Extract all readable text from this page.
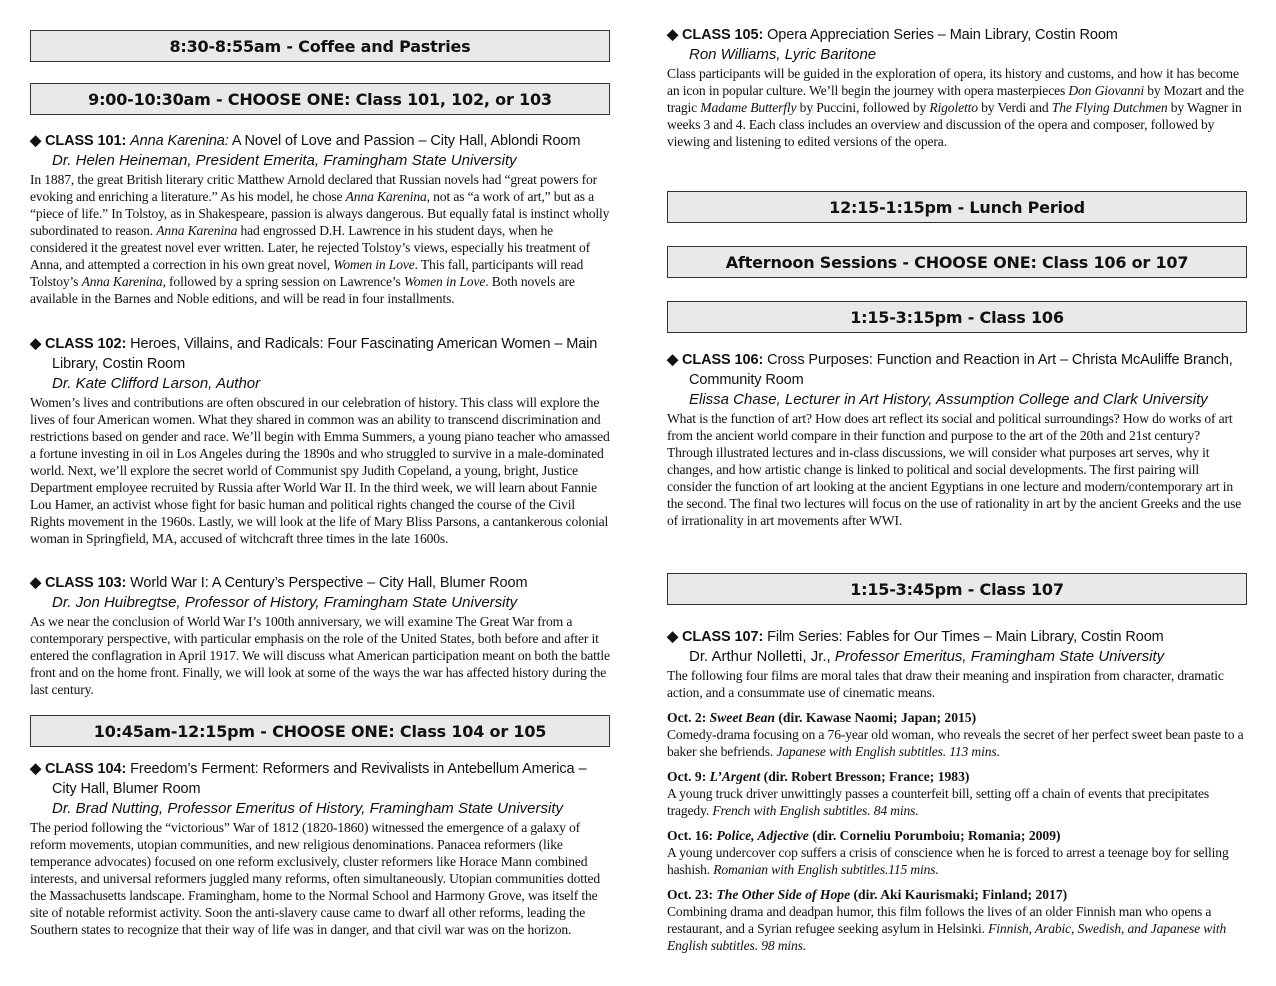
8:30-8:55am - Coffee and Pastries
9:00-10:30am - CHOOSE ONE: Class 101, 102, or 103
◆ CLASS 101: Anna Karenina: A Novel of Love and Passion – City Hall, Ablondi Room
Dr. Helen Heineman, President Emerita, Framingham State University
In 1887, the great British literary critic Matthew Arnold declared that Russian novels had “great powers for evoking and enriching a literature.” As his model, he chose Anna Karenina, not as “a work of art,” but as a “piece of life.” In Tolstoy, as in Shakespeare, passion is always dangerous. But equally fatal is instinct wholly subordinated to reason. Anna Karenina had engrossed D.H. Lawrence in his student days, when he considered it the greatest novel ever written. Later, he rejected Tolstoy’s views, especially his treatment of Anna, and attempted a correction in his own great novel, Women in Love. This fall, participants will read Tolstoy’s Anna Karenina, followed by a spring session on Lawrence’s Women in Love. Both novels are available in the Barnes and Noble editions, and will be read in four installments.
◆ CLASS 102: Heroes, Villains, and Radicals: Four Fascinating American Women – Main Library, Costin Room
Dr. Kate Clifford Larson, Author
Women’s lives and contributions are often obscured in our celebration of history. This class will explore the lives of four American women. What they shared in common was an ability to transcend discrimination and restrictions based on gender and race. We’ll begin with Emma Summers, a young piano teacher who amassed a fortune investing in oil in Los Angeles during the 1890s and who struggled to survive in a male-dominated world. Next, we’ll explore the secret world of Communist spy Judith Copeland, a young, bright, Justice Department employee recruited by Russia after World War II. In the third week, we will learn about Fannie Lou Hamer, an activist whose fight for basic human and political rights changed the course of the Civil Rights movement in the 1960s. Lastly, we will look at the life of Mary Bliss Parsons, a cantankerous colonial woman in Springfield, MA, accused of witchcraft three times in the late 1600s.
◆ CLASS 103: World War I: A Century’s Perspective – City Hall, Blumer Room
Dr. Jon Huibregtse, Professor of History, Framingham State University
As we near the conclusion of World War I’s 100th anniversary, we will examine The Great War from a contemporary perspective, with particular emphasis on the role of the United States, both before and after it entered the conflagration in April 1917. We will discuss what American participation meant on both the battle front and on the home front. Finally, we will look at some of the ways the war has affected history during the last century.
10:45am-12:15pm - CHOOSE ONE: Class 104 or 105
◆ CLASS 104: Freedom’s Ferment: Reformers and Revivalists in Antebellum America – City Hall, Blumer Room
Dr. Brad Nutting, Professor Emeritus of History, Framingham State University
The period following the “victorious” War of 1812 (1820-1860) witnessed the emergence of a galaxy of reform movements, utopian communities, and new religious denominations. Panacea reformers (like temperance advocates) focused on one reform exclusively, cluster reformers like Horace Mann combined interests, and universal reformers juggled many reforms, often simultaneously. Utopian communities dotted the Massachusetts landscape. Framingham, home to the Normal School and Harmony Grove, was itself the site of notable reformist activity. Soon the anti-slavery cause came to dwarf all other reforms, leading the Southern states to recognize that their way of life was in danger, and that civil war was on the horizon.
◆ CLASS 105: Opera Appreciation Series – Main Library, Costin Room
Ron Williams, Lyric Baritone
Class participants will be guided in the exploration of opera, its history and customs, and how it has become an icon in popular culture. We’ll begin the journey with opera masterpieces Don Giovanni by Mozart and the tragic Madame Butterfly by Puccini, followed by Rigoletto by Verdi and The Flying Dutchmen by Wagner in weeks 3 and 4. Each class includes an overview and discussion of the opera and composer, followed by viewing and listening to edited versions of the opera.
12:15-1:15pm - Lunch Period
Afternoon Sessions - CHOOSE ONE: Class 106 or 107
1:15-3:15pm - Class 106
◆ CLASS 106: Cross Purposes: Function and Reaction in Art – Christa McAuliffe Branch, Community Room
Elissa Chase, Lecturer in Art History, Assumption College and Clark University
What is the function of art? How does art reflect its social and political surroundings? How do works of art from the ancient world compare in their function and purpose to the art of the 20th and 21st century? Through illustrated lectures and in-class discussions, we will consider what purposes art serves, why it changes, and how artistic change is linked to political and social developments. The first pairing will consider the function of art looking at the ancient Egyptians in one lecture and modern/contemporary art in the second. The final two lectures will focus on the use of rationality in art by the ancient Greeks and the use of irrationality in art movements after WWI.
1:15-3:45pm - Class 107
◆ CLASS 107: Film Series: Fables for Our Times – Main Library, Costin Room
Dr. Arthur Nolletti, Jr., Professor Emeritus, Framingham State University
The following four films are moral tales that draw their meaning and inspiration from character, dramatic action, and a consummate use of cinematic means.
Oct. 2: Sweet Bean (dir. Kawase Naomi; Japan; 2015)
Comedy-drama focusing on a 76-year old woman, who reveals the secret of her perfect sweet bean paste to a baker she befriends. Japanese with English subtitles. 113 mins.
Oct. 9: L’Argent (dir. Robert Bresson; France; 1983)
A young truck driver unwittingly passes a counterfeit bill, setting off a chain of events that precipitates tragedy. French with English subtitles. 84 mins.
Oct. 16: Police, Adjective (dir. Corneliu Porumboiu; Romania; 2009)
A young undercover cop suffers a crisis of conscience when he is forced to arrest a teenage boy for selling hashish. Romanian with English subtitles.115 mins.
Oct. 23: The Other Side of Hope (dir. Aki Kaurismaki; Finland; 2017)
Combining drama and deadpan humor, this film follows the lives of an older Finnish man who opens a restaurant, and a Syrian refugee seeking asylum in Helsinki. Finnish, Arabic, Swedish, and Japanese with English subtitles. 98 mins.
